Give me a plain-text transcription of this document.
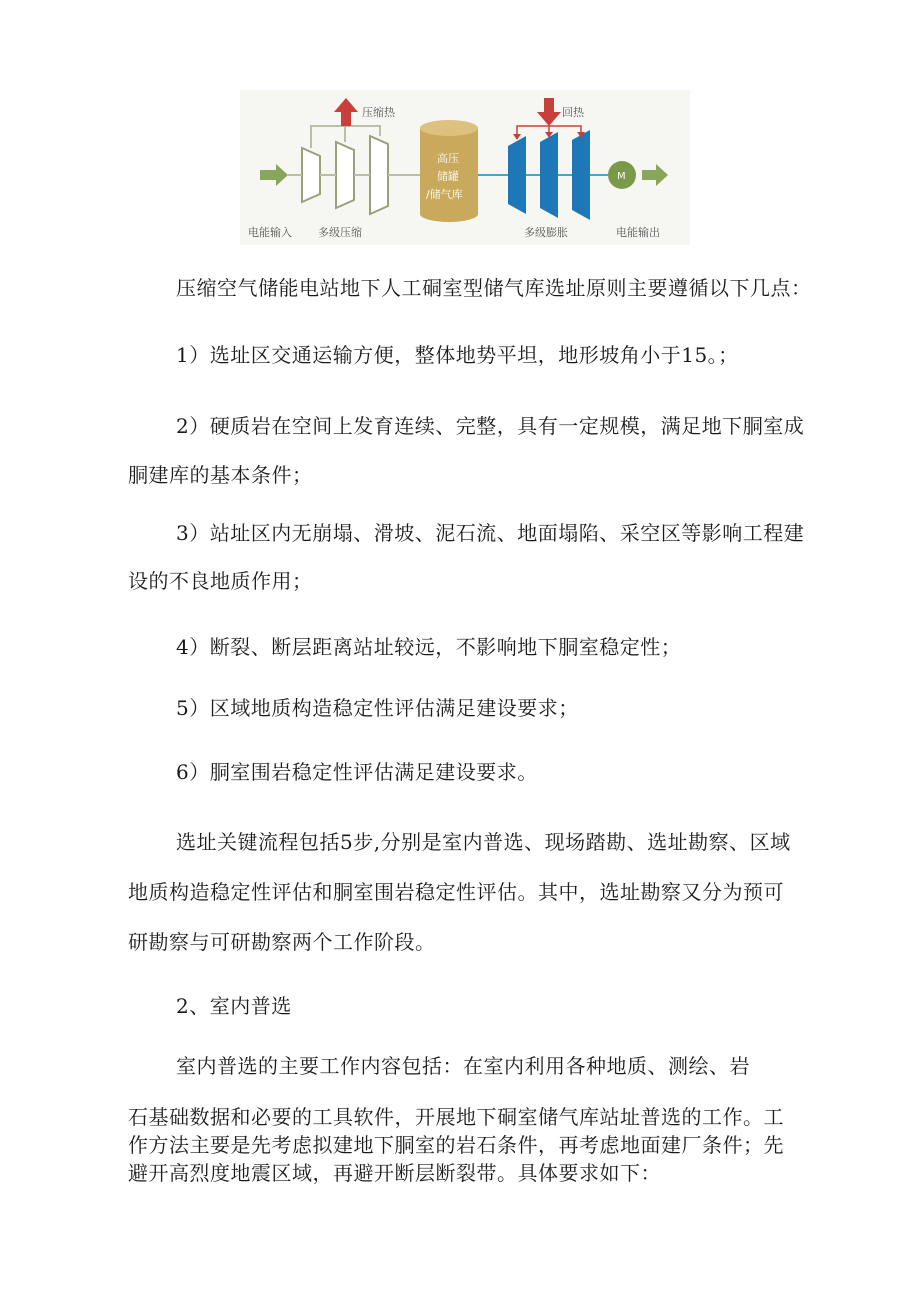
压缩热
高压
储罐
/储气库
回热
M
电能输入 多级压缩	多级膨胀	电能输出
压缩空气储能电站地下人工硐室型储气库选址原则主要遵循以下几点：
1）选址区交通运输方便，整体地势平坦，地形坡角小于15。；
2）硬质岩在空间上发育连续、完整，具有一定规模，满足地下胴室成
胴建库的基本条件；
3）站址区内无崩塌、滑坡、泥石流、地面塌陷、采空区等影响工程建
设的不良地质作用；
4）断裂、断层距离站址较远，不影响地下胴室稳定性；
5）区域地质构造稳定性评估满足建设要求；
6）胴室围岩稳定性评估满足建设要求。
选址关键流程包括5步,分别是室内普选、现场踏勘、选址勘察、区域
地质构造稳定性评估和胴室围岩稳定性评估。其中，选址勘察又分为预可
研勘察与可研勘察两个工作阶段。
2、室内普选
室内普选的主要工作内容包括：在室内利用各种地质、测绘、岩
石基础数据和必要的工具软件，开展地下硐室储气库站址普选的工作。工
作方法主要是先考虑拟建地下胴室的岩石条件，再考虑地面建厂条件；先
避开高烈度地震区域，再避开断层断裂带。具体要求如下：
